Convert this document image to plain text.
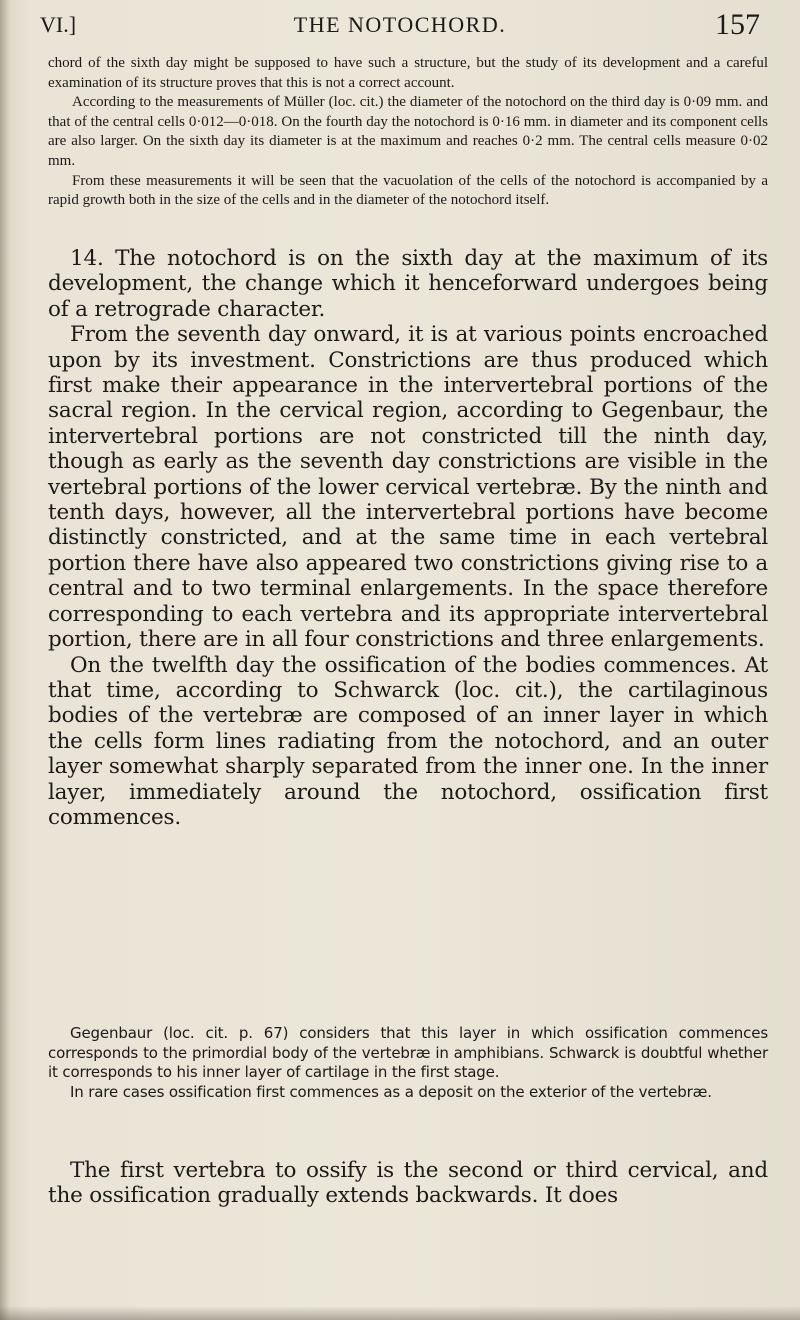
VI.]	THE NOTOCHORD.	157

chord of the sixth day might be supposed to have such a structure, but the study of its development and a careful examination of its structure proves that this is not a correct account.

According to the measurements of Müller (loc. cit.) the diameter of the notochord on the third day is 0·09 mm. and that of the central cells 0·012—0·018. On the fourth day the notochord is 0·16 mm. in diameter and its component cells are also larger. On the sixth day its diameter is at the maximum and reaches 0·2 mm. The central cells measure 0·02 mm.

From these measurements it will be seen that the vacuolation of the cells of the notochord is accompanied by a rapid growth both in the size of the cells and in the diameter of the notochord itself.

14. The notochord is on the sixth day at the maximum of its development, the change which it henceforward undergoes being of a retrograde character.

From the seventh day onward, it is at various points encroached upon by its investment. Constrictions are thus produced which first make their appearance in the intervertebral portions of the sacral region. In the cervical region, according to Gegenbaur, the intervertebral portions are not constricted till the ninth day, though as early as the seventh day constrictions are visible in the vertebral portions of the lower cervical vertebræ. By the ninth and tenth days, however, all the intervertebral portions have become distinctly constricted, and at the same time in each vertebral portion there have also appeared two constrictions giving rise to a central and to two terminal enlargements. In the space therefore corresponding to each vertebra and its appropriate intervertebral portion, there are in all four constrictions and three enlargements.

On the twelfth day the ossification of the bodies commences. At that time, according to Schwarck (loc. cit.), the cartilaginous bodies of the vertebræ are composed of an inner layer in which the cells form lines radiating from the notochord, and an outer layer somewhat sharply separated from the inner one. In the inner layer, immediately around the notochord, ossification first commences.

Gegenbaur (loc. cit. p. 67) considers that this layer in which ossification commences corresponds to the primordial body of the vertebræ in amphibians. Schwarck is doubtful whether it corresponds to his inner layer of cartilage in the first stage.

In rare cases ossification first commences as a deposit on the exterior of the vertebræ.

The first vertebra to ossify is the second or third cervical, and the ossification gradually extends backwards. It does
